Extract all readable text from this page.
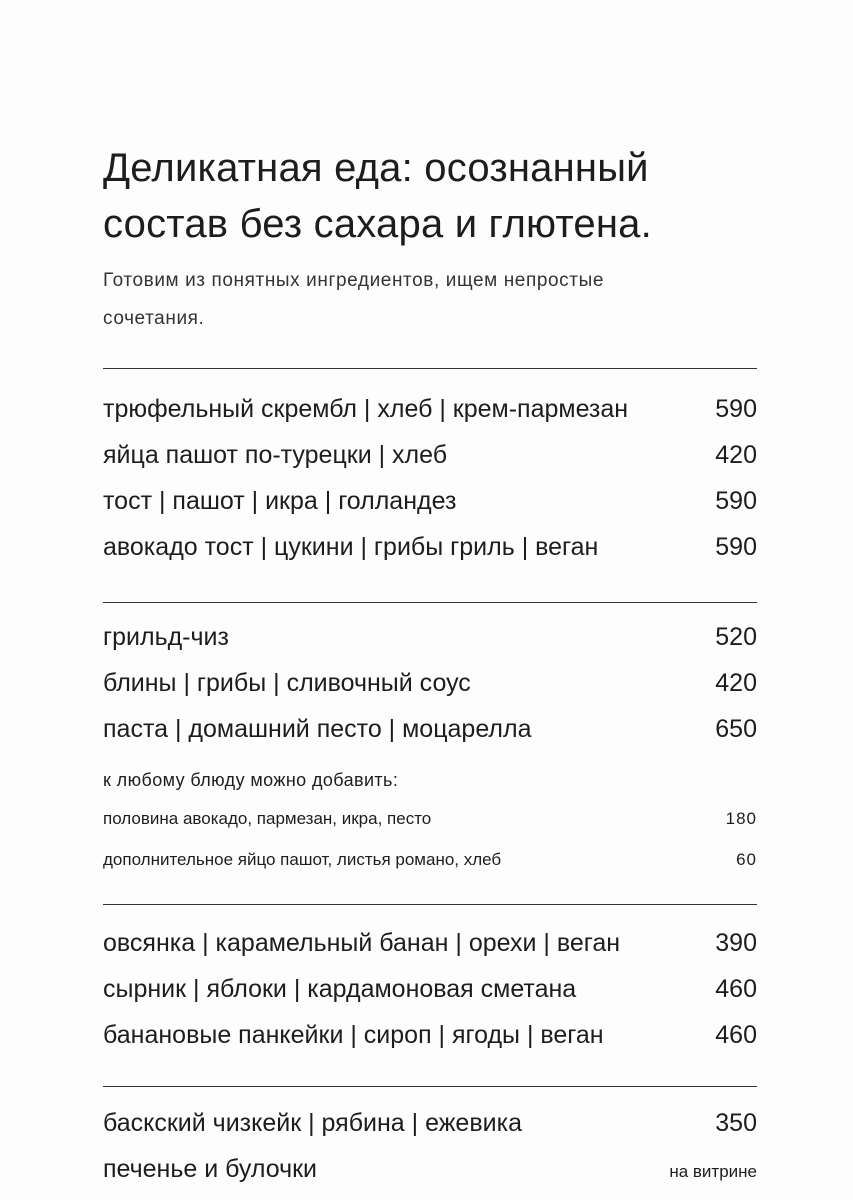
Деликатная еда: осознанный
состав без сахара и глютена.
Готовим из понятных ингредиентов, ищем непростые
сочетания.
трюфельный скрембл | хлеб | крем-пармезан	590
яйца пашот по-турецки | хлеб	420
тост | пашот | икра | голландез	590
авокадо тост | цукини | грибы гриль | веган	590
грильд-чиз	520
блины | грибы | сливочный соус	420
паста | домашний песто | моцарелла	650
к любому блюду можно добавить:
половина авокадо, пармезан, икра, песто	180
дополнительное яйцо пашот, листья романо, хлеб	60
овсянка | карамельный банан | орехи | веган	390
сырник | яблоки | кардамоновая сметана	460
банановые панкейки | сироп | ягоды | веган	460
баскский чизкейк | рябина | ежевика	350
печенье и булочки	на витрине
